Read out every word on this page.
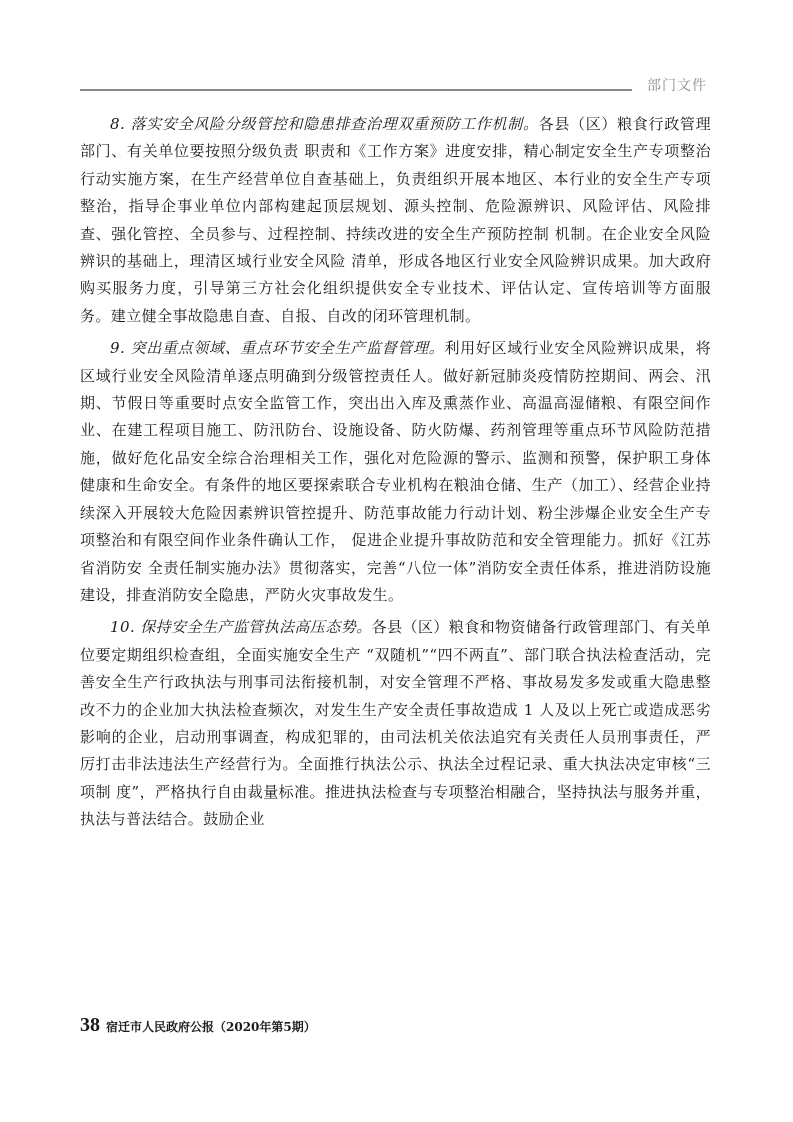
部门文件

8. 落实安全风险分级管控和隐患排查治理双重预防工作机制。各县（区）粮食行政管理部门、有关单位要按照分级负责 职责和《工作方案》进度安排，精心制定安全生产专项整治行动实施方案，在生产经营单位自查基础上，负责组织开展本地区、本行业的安全生产专项整治，指导企事业单位内部构建起顶层规划、源头控制、危险源辨识、风险评估、风险排查、强化管控、全员参与、过程控制、持续改进的安全生产预防控制 机制。在企业安全风险辨识的基础上，理清区域行业安全风险 清单，形成各地区行业安全风险辨识成果。加大政府购买服务力度，引导第三方社会化组织提供安全专业技术、评估认定、宣传培训等方面服务。建立健全事故隐患自查、自报、自改的闭环管理机制。

9. 突出重点领域、重点环节安全生产监督管理。利用好区域行业安全风险辨识成果，将区域行业安全风险清单逐点明确到分级管控责任人。做好新冠肺炎疫情防控期间、两会、汛期、节假日等重要时点安全监管工作，突出出入库及熏蒸作业、高温高湿储粮、有限空间作业、在建工程项目施工、防汛防台、设施设备、防火防爆、药剂管理等重点环节风险防范措施，做好危化品安全综合治理相关工作，强化对危险源的警示、监测和预警，保护职工身体健康和生命安全。有条件的地区要探索联合专业机构在粮油仓储、生产（加工）、经营企业持续深入开展较大危险因素辨识管控提升、防范事故能力行动计划、粉尘涉爆企业安全生产专项整治和有限空间作业条件确认工作， 促进企业提升事故防范和安全管理能力。抓好《江苏省消防安 全责任制实施办法》贯彻落实，完善“八位一体”消防安全责任体系，推进消防设施建设，排查消防安全隐患，严防火灾事故发生。

10. 保持安全生产监管执法高压态势。各县（区）粮食和物资储备行政管理部门、有关单位要定期组织检查组，全面实施安全生产 “双随机”“四不两直”、部门联合执法检查活动，完善安全生产行政执法与刑事司法衔接机制，对安全管理不严格、事故易发多发或重大隐患整改不力的企业加大执法检查频次，对发生生产安全责任事故造成 1 人及以上死亡或造成恶劣影响的企业，启动刑事调查，构成犯罪的，由司法机关依法追究有关责任人员刑事责任，严厉打击非法违法生产经营行为。全面推行执法公示、执法全过程记录、重大执法决定审核“三项制 度”，严格执行自由裁量标准。推进执法检查与专项整治相融合，坚持执法与服务并重，执法与普法结合。鼓励企业

38 宿迁市人民政府公报（2020年第5期）
